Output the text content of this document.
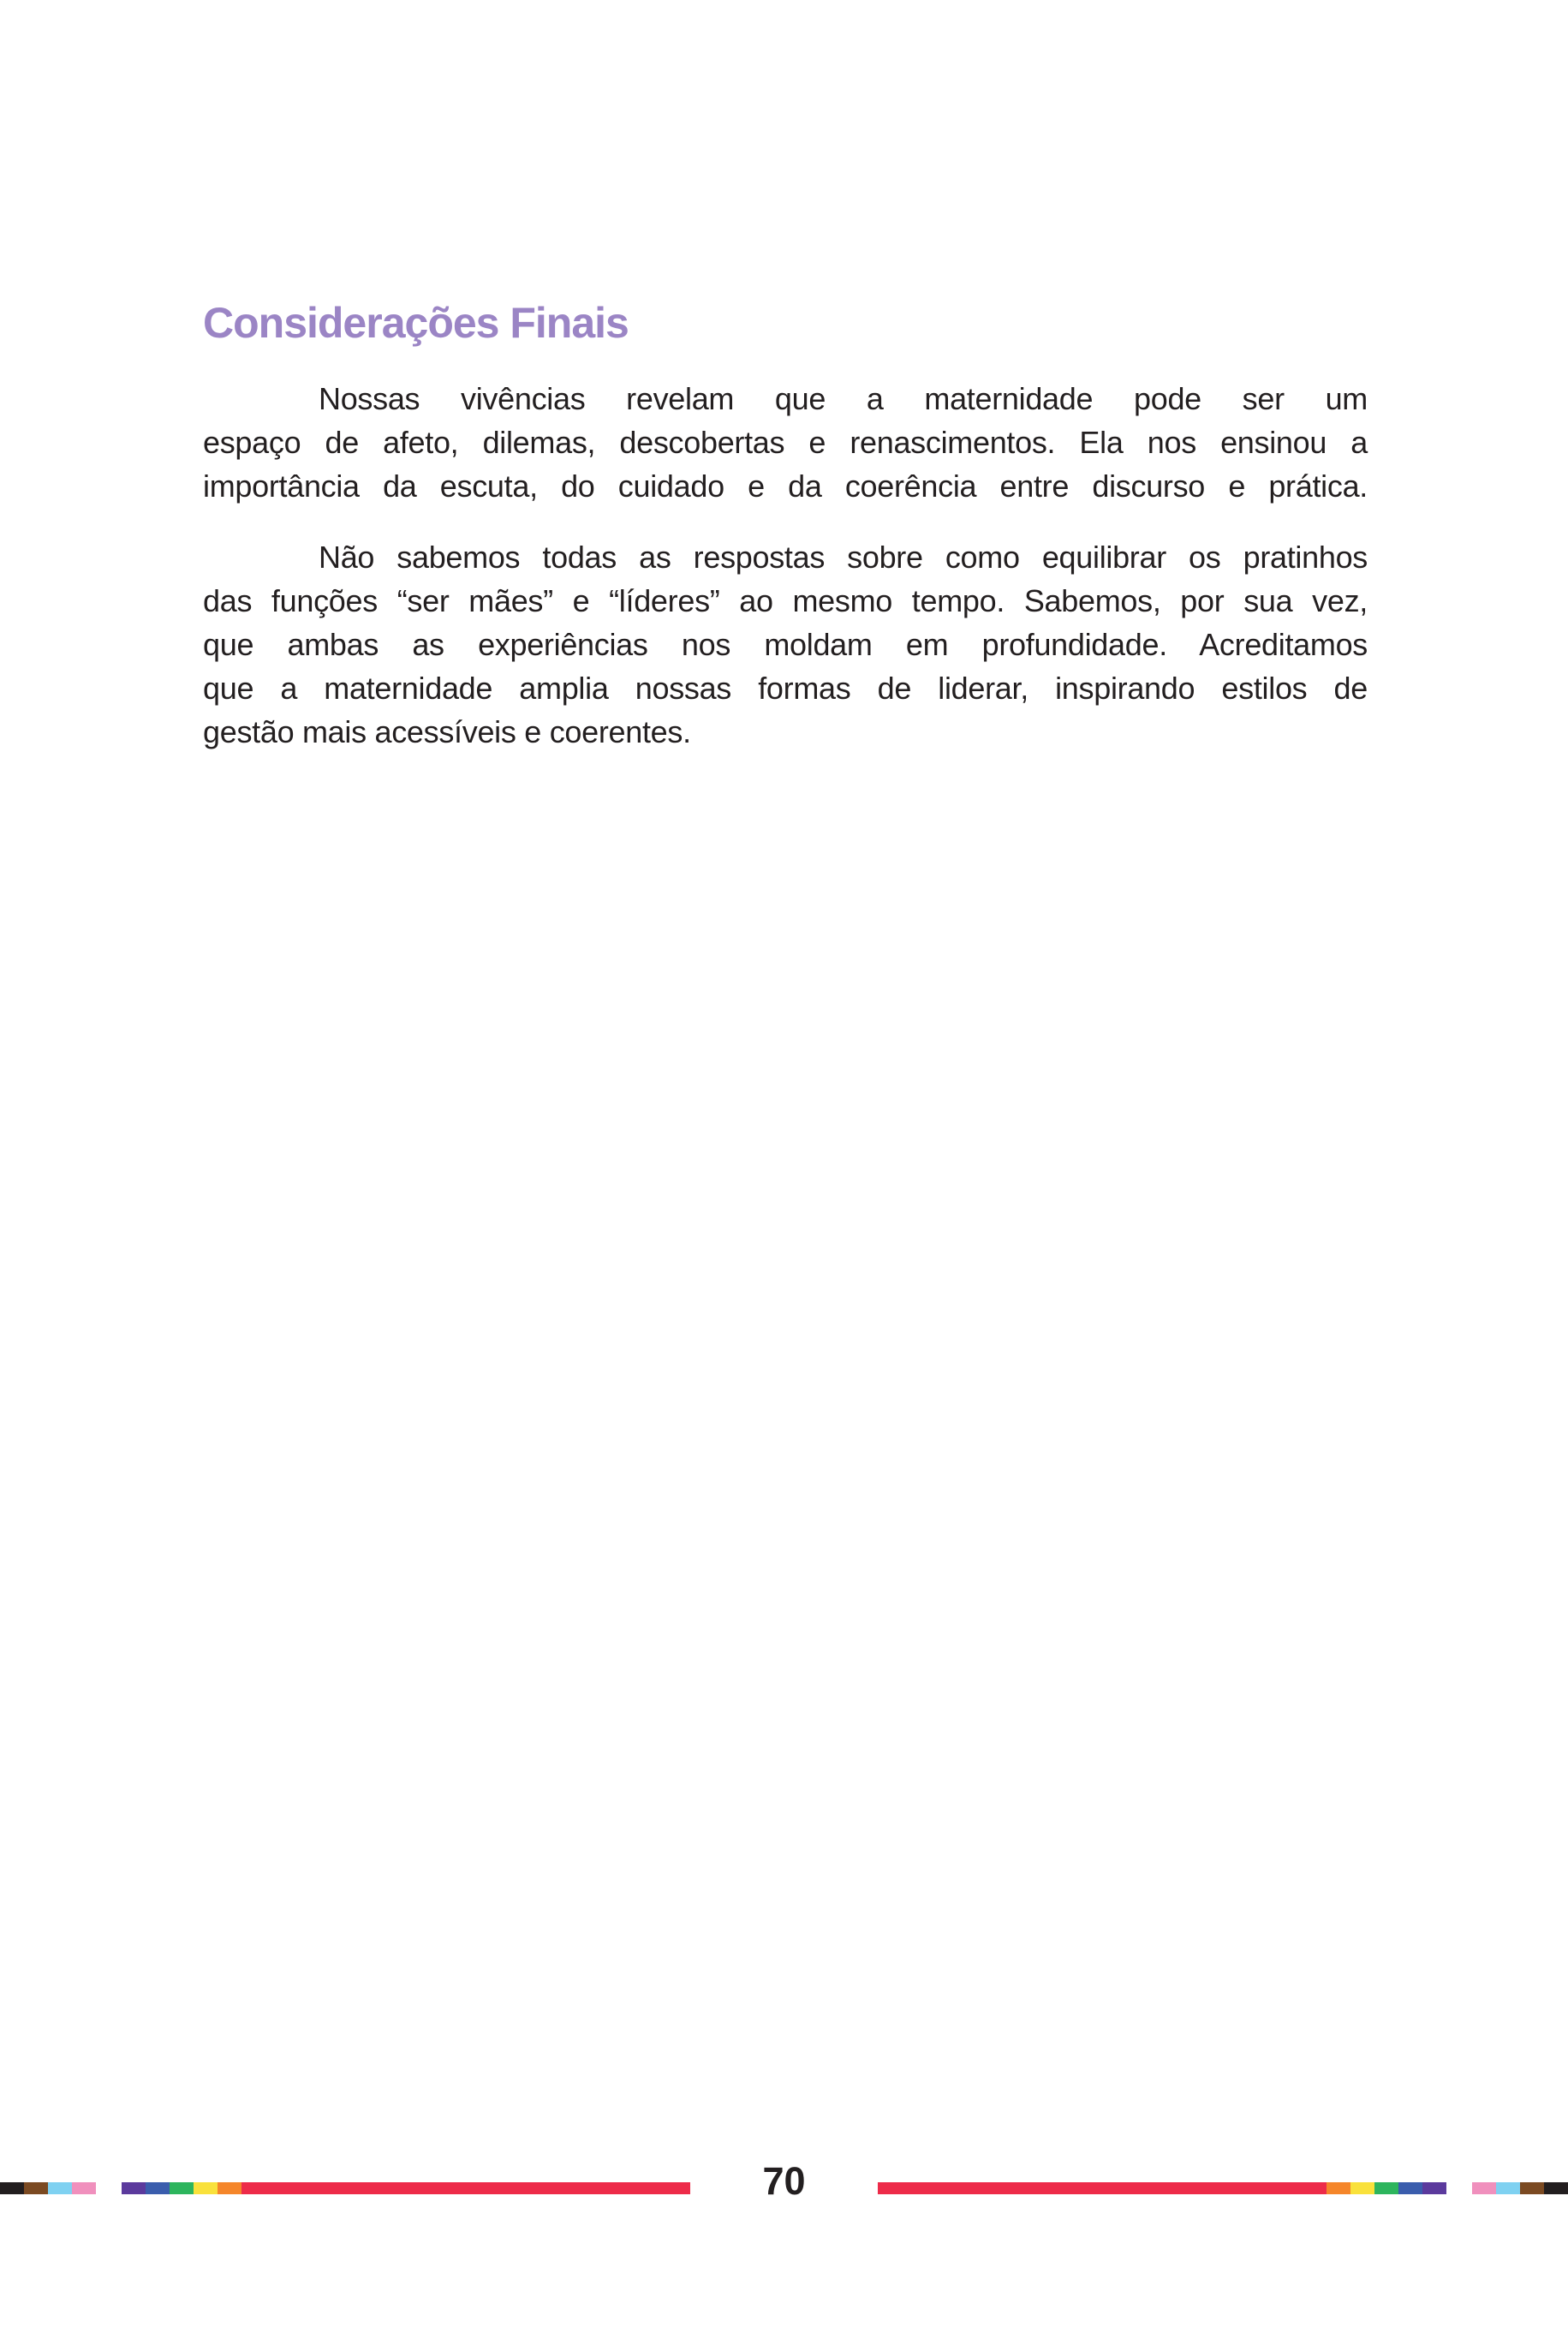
Considerações Finais
Nossas vivências revelam que a maternidade pode ser um
espaço de afeto, dilemas, descobertas e renascimentos. Ela nos ensinou a
importância da escuta, do cuidado e da coerência entre discurso e prática.
Não sabemos todas as respostas sobre como equilibrar os pratinhos
das funções “ser mães” e “líderes” ao mesmo tempo. Sabemos, por sua vez,
que ambas as experiências nos moldam em profundidade. Acreditamos
que a maternidade amplia nossas formas de liderar, inspirando estilos de
gestão mais acessíveis e coerentes.
70
